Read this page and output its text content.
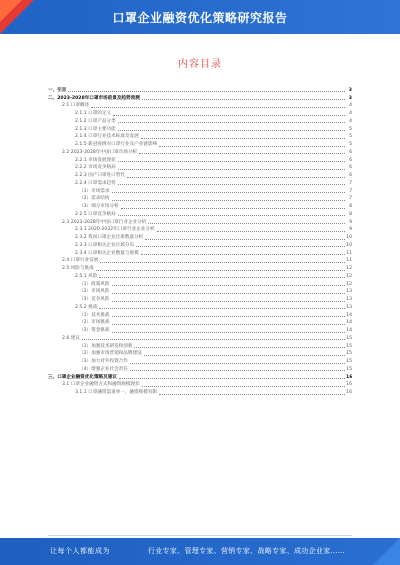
口罩企业融资优化策略研究报告
内容目录
一、引言	3
二、2023-2028年口罩市场前景及趋势预测	3
2.1 口罩概述	4
2.1.1 口罩的定义	4
2.1.2 口罩产品分类	4
2.1.3 口罩主要功能	5
2.1.4 口罩行业技术标准及发展	5
2.1.5 新冠疫情对口罩行业及产业链影响	5
2.2 2023-2028年中国口罩市场分析	6
2.2.1 市场发展现状	6
2.2.2 市场竞争格局	6
2.2.3 国产口罩进口替代	6
2.2.4 口罩需求趋势	7
（1）市场需求	7
（2）需求结构	7
（3）细分市场分析	8
2.2.5 口罩竞争格局	8
2.3 2023-2028年中国口罩行业企业分析	9
2.3.1 2020-2022年口罩行业企业分析	9
2.3.2 我国口罩企业注册数量分析	10
2.3.3 口罩相关企业区域分布	10
2.3.4 口罩相关企业数量与规模	11
2.4 口罩行业发展	11
2.5 风险与挑战	12
2.5.1 风险	12
（1）政策风险	12
（2）市场风险	13
（3）竞争风险	13
2.5.2 挑战	13
（1）技术挑战	14
（2）市场挑战	14
（3）资金挑战	14
2.6 建议	15
（1）加强技术研发和创新	15
（2）加强市场营销和品牌建设	15
（3）加大对外投资合作	15
（4）增强企业社会责任	15
三、口罩企业融资优化策略及建议	16
3.1 口罩企业融资方式和融资规模现状	16
3.1.1 口罩融资渠道单一，融资规模有限	16
让每个人都能成为	行业专家、管理专家、营销专家、战略专家、成功企业家……
